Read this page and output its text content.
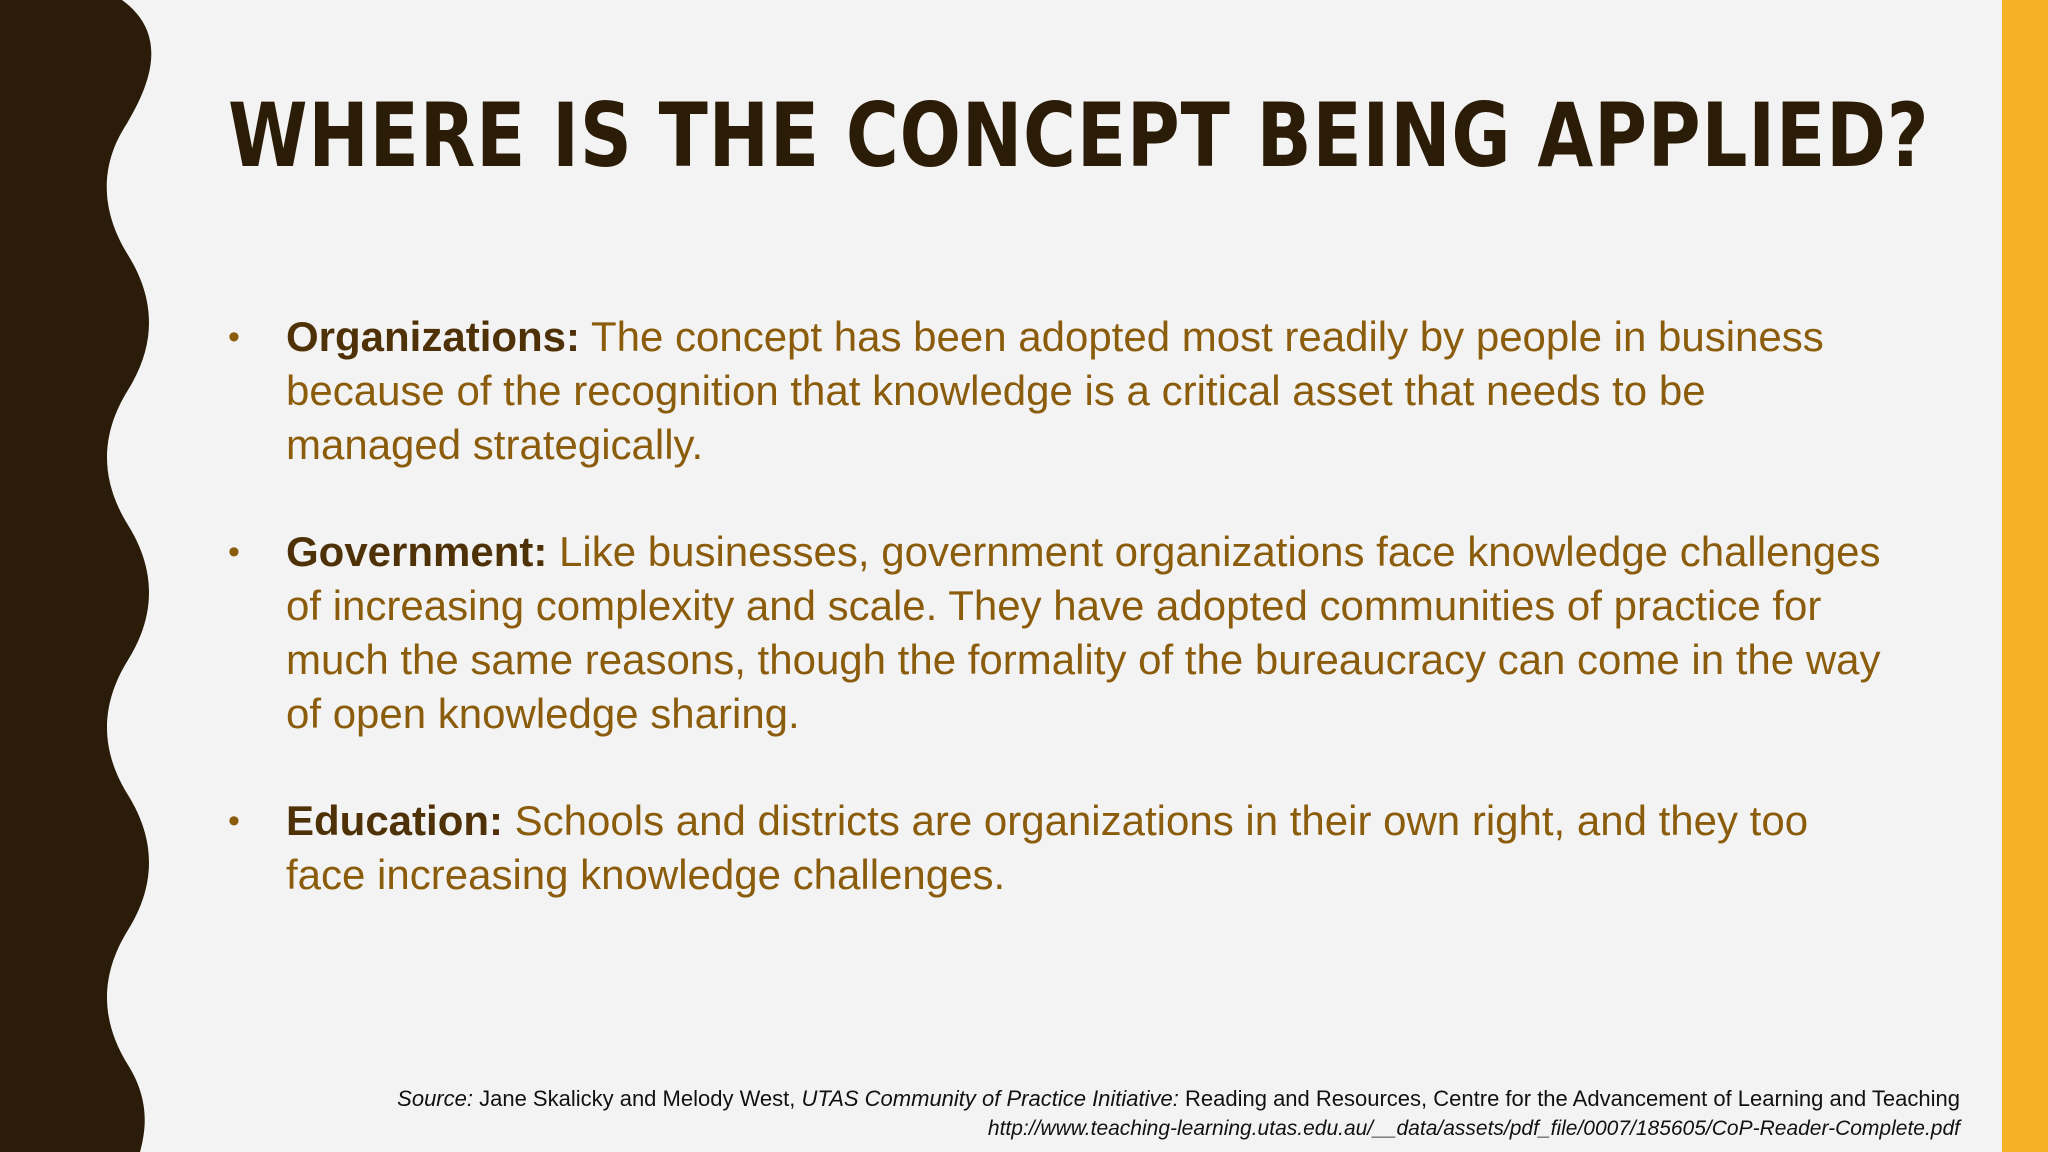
WHERE IS THE CONCEPT BEING APPLIED?
• Organizations: The concept has been adopted most readily by people in business because of the recognition that knowledge is a critical asset that needs to be managed strategically.
• Government: Like businesses, government organizations face knowledge challenges of increasing complexity and scale. They have adopted communities of practice for much the same reasons, though the formality of the bureaucracy can come in the way of open knowledge sharing.
• Education: Schools and districts are organizations in their own right, and they too face increasing knowledge challenges.
Source: Jane Skalicky and Melody West, UTAS Community of Practice Initiative: Reading and Resources, Centre for the Advancement of Learning and Teaching
http://www.teaching-learning.utas.edu.au/__data/assets/pdf_file/0007/185605/CoP-Reader-Complete.pdf
